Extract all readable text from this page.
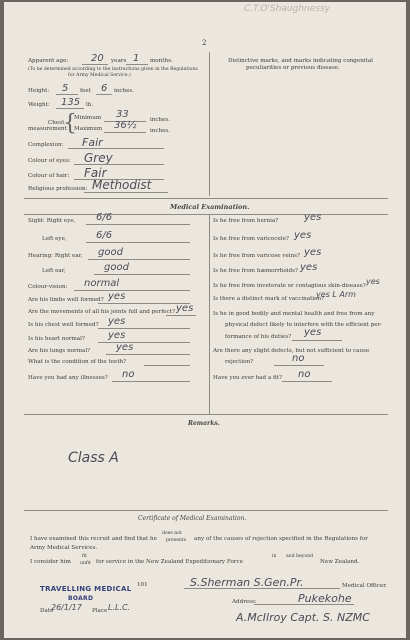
C.T.O'Shaughnessy
2
Apparent age: 20 years 1 months.
(To be determined according to the instructions given in the Regulations
for Army Medical Service.)
Height: 5 feet 6 inches.
Weight: 135 lb.
Chest
measurement
{
Minimum 33	inches.
Maximum 36½ inches.
Complexion: Fair
Colour of eyes: Grey
Colour of hair: Fair
Religious profession: Methodist
Distinctive marks, and marks indicating congenital
peculiarities or previous disease.
Medical Examination.
Is he in good bodily and mental health and free from any
physical defect likely to interfere with the efficient per-
formance of his duties? yes
Are there any slight defects, but not sufficient to cause
rejection?	no
Have you ever had a fit? no
Remarks.
Class A
Certificate of Medical Examination.
I have examined this recruit and find that he
does not
presents any of the causes of rejection specified in the Regulations for
Army Medical Services.
I consider him
fit
unfit for service in the New Zealand Expeditionary Force
in and beyond
New Zealand.
TRAVELLING MEDICAL 101
BOARD
Date
26/1/17 Place L.L.C.
S.Sherman S.Gen.Pr.	Medical Officer.
Address:	Pukekohe
A.McIlroy Capt. S. NZMC
Sight: Right eye, 6/6
Left eye,	6/6
Hearing: Right ear, good
Left ear,	good
Colour-vision: normal
Are his limbs well formed? yes
Are the movements of all his joints full and perfect? yes
Is his chest well formed? yes
Is his heart normal? yes
Are his lungs normal?	yes
What is the condition of the teeth?
Have you had any illnesses? no
Is he free from hernia?	yes
Is he free from varicocele? yes
Is he free from varicose veins? yes
Is he free from hæmorrhoids? yes
Is he free from inveterate or contagious skin-disease? yes
Is there a distinct mark of vaccination?
yes L Arm
